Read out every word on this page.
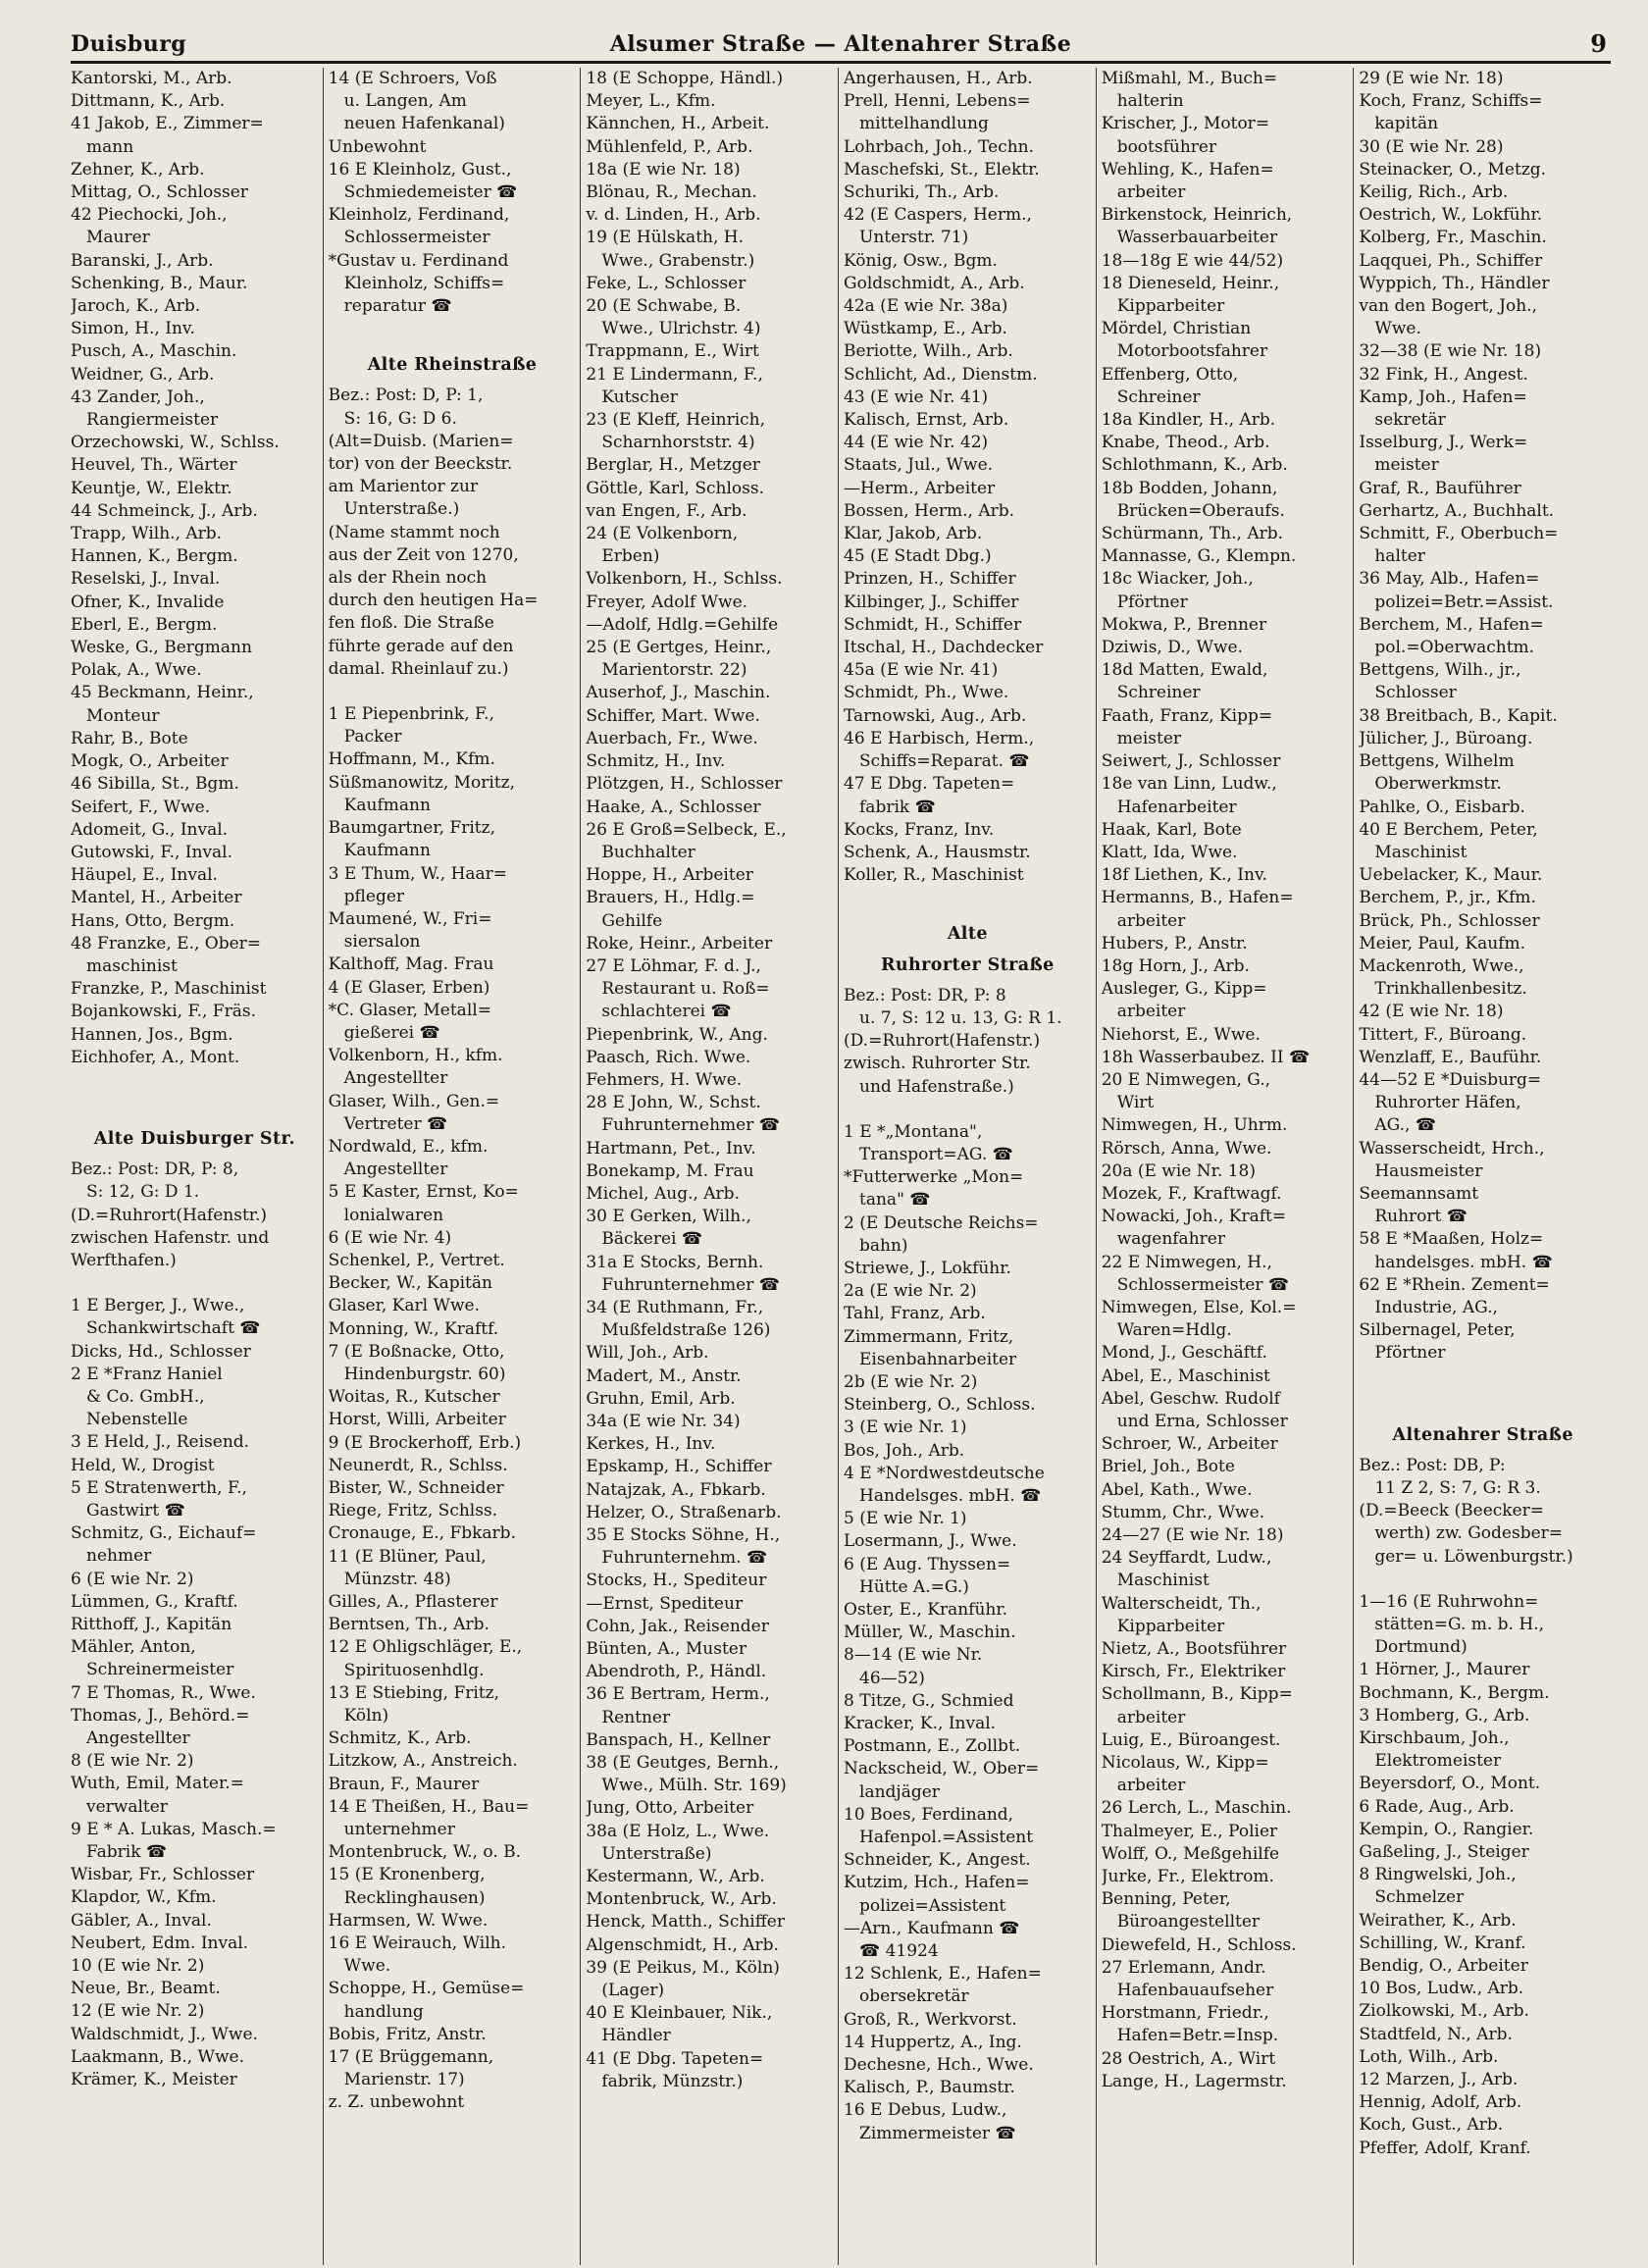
Duisburg	Alsumer Straße — Altenahrer Straße	9
Kantorski, M., Arb.
Dittmann, K., Arb.
41 Jakob, E., Zimmer=
mann
Zehner, K., Arb.
Mittag, O., Schlosser
42 Piechocki, Joh.,
Maurer
Baranski, J., Arb.
Schenking, B., Maur.
Jaroch, K., Arb.
Simon, H., Inv.
Pusch, A., Maschin.
Weidner, G., Arb.
43 Zander, Joh.,
Rangiermeister
Orzechowski, W., Schlss.
Heuvel, Th., Wärter
Keuntje, W., Elektr.
44 Schmeinck, J., Arb.
Trapp, Wilh., Arb.
Hannen, K., Bergm.
Reselski, J., Inval.
Ofner, K., Invalide
Eberl, E., Bergm.
Weske, G., Bergmann
Polak, A., Wwe.
45 Beckmann, Heinr.,
Monteur
Rahr, B., Bote
Mogk, O., Arbeiter
46 Sibilla, St., Bgm.
Seifert, F., Wwe.
Adomeit, G., Inval.
Gutowski, F., Inval.
Häupel, E., Inval.
Mantel, H., Arbeiter
Hans, Otto, Bergm.
48 Franzke, E., Ober=
maschinist
Franzke, P., Maschinist
Bojankowski, F., Fräs.
Hannen, Jos., Bgm.
Eichhofer, A., Mont.
Alte Duisburger Str.
Bez.: Post: DR, P: 8,
S: 12, G: D 1.
(D.=Ruhrort(Hafenstr.)
zwischen Hafenstr. und
Werfthafen.)
1 E Berger, J., Wwe.,
Schankwirtschaft ☎
Dicks, Hd., Schlosser
2 E *Franz Haniel
& Co. GmbH.,
Nebenstelle
3 E Held, J., Reisend.
Held, W., Drogist
5 E Stratenwerth, F.,
Gastwirt ☎
Schmitz, G., Eichauf=
nehmer
6 (E wie Nr. 2)
Lümmen, G., Kraftf.
Ritthoff, J., Kapitän
Mähler, Anton,
Schreinermeister
7 E Thomas, R., Wwe.
Thomas, J., Behörd.=
Angestellter
8 (E wie Nr. 2)
Wuth, Emil, Mater.=
verwalter
9 E * A. Lukas, Masch.=
Fabrik ☎
Wisbar, Fr., Schlosser
Klapdor, W., Kfm.
Gäbler, A., Inval.
Neubert, Edm. Inval.
10 (E wie Nr. 2)
Neue, Br., Beamt.
12 (E wie Nr. 2)
Waldschmidt, J., Wwe.
Laakmann, B., Wwe.
Krämer, K., Meister
14 (E Schroers, Voß
u. Langen, Am
neuen Hafenkanal)
Unbewohnt
16 E Kleinholz, Gust.,
Schmiedemeister ☎
Kleinholz, Ferdinand,
Schlossermeister
*Gustav u. Ferdinand
Kleinholz, Schiffs=
reparatur ☎
Alte Rheinstraße
Bez.: Post: D, P: 1,
S: 16, G: D 6.
(Alt=Duisb. (Marien=
tor) von der Beeckstr.
am Marientor zur
Unterstraße.)
(Name stammt noch
aus der Zeit von 1270,
als der Rhein noch
durch den heutigen Ha=
fen floß. Die Straße
führte gerade auf den
damal. Rheinlauf zu.)
1 E Piepenbrink, F.,
Packer
Hoffmann, M., Kfm.
Süßmanowitz, Moritz,
Kaufmann
Baumgartner, Fritz,
Kaufmann
3 E Thum, W., Haar=
pfleger
Maumené, W., Fri=
siersalon
Kalthoff, Mag. Frau
4 (E Glaser, Erben)
*C. Glaser, Metall=
gießerei ☎
Volkenborn, H., kfm.
Angestellter
Glaser, Wilh., Gen.=
Vertreter ☎
Nordwald, E., kfm.
Angestellter
5 E Kaster, Ernst, Ko=
lonialwaren
6 (E wie Nr. 4)
Schenkel, P., Vertret.
Becker, W., Kapitän
Glaser, Karl Wwe.
Monning, W., Kraftf.
7 (E Boßnacke, Otto,
Hindenburgstr. 60)
Woitas, R., Kutscher
Horst, Willi, Arbeiter
9 (E Brockerhoff, Erb.)
Neunerdt, R., Schlss.
Bister, W., Schneider
Riege, Fritz, Schlss.
Cronauge, E., Fbkarb.
11 (E Blüner, Paul,
Münzstr. 48)
Gilles, A., Pflasterer
Berntsen, Th., Arb.
12 E Ohligschläger, E.,
Spirituosenhdlg.
13 E Stiebing, Fritz,
Köln)
Schmitz, K., Arb.
Litzkow, A., Anstreich.
Braun, F., Maurer
14 E Theißen, H., Bau=
unternehmer
Montenbruck, W., o. B.
15 (E Kronenberg,
Recklinghausen)
Harmsen, W. Wwe.
16 E Weirauch, Wilh.
Wwe.
Schoppe, H., Gemüse=
handlung
Bobis, Fritz, Anstr.
17 (E Brüggemann,
Marienstr. 17)
z. Z. unbewohnt
18 (E Schoppe, Händl.)
Meyer, L., Kfm.
Kännchen, H., Arbeit.
Mühlenfeld, P., Arb.
18a (E wie Nr. 18)
Blönau, R., Mechan.
v. d. Linden, H., Arb.
19 (E Hülskath, H.
Wwe., Grabenstr.)
Feke, L., Schlosser
20 (E Schwabe, B.
Wwe., Ulrichstr. 4)
Trappmann, E., Wirt
21 E Lindermann, F.,
Kutscher
23 (E Kleff, Heinrich,
Scharnhorststr. 4)
Berglar, H., Metzger
Göttle, Karl, Schloss.
van Engen, F., Arb.
24 (E Volkenborn,
Erben)
Volkenborn, H., Schlss.
Freyer, Adolf Wwe.
—Adolf, Hdlg.=Gehilfe
25 (E Gertges, Heinr.,
Marientorstr. 22)
Auserhof, J., Maschin.
Schiffer, Mart. Wwe.
Auerbach, Fr., Wwe.
Schmitz, H., Inv.
Plötzgen, H., Schlosser
Haake, A., Schlosser
26 E Groß=Selbeck, E.,
Buchhalter
Hoppe, H., Arbeiter
Brauers, H., Hdlg.=
Gehilfe
Roke, Heinr., Arbeiter
27 E Löhmar, F. d. J.,
Restaurant u. Roß=
schlachterei ☎
Piepenbrink, W., Ang.
Paasch, Rich. Wwe.
Fehmers, H. Wwe.
28 E John, W., Schst.
Fuhrunternehmer ☎
Hartmann, Pet., Inv.
Bonekamp, M. Frau
Michel, Aug., Arb.
30 E Gerken, Wilh.,
Bäckerei ☎
31a E Stocks, Bernh.
Fuhrunternehmer ☎
34 (E Ruthmann, Fr.,
Mußfeldstraße 126)
Will, Joh., Arb.
Madert, M., Anstr.
Gruhn, Emil, Arb.
34a (E wie Nr. 34)
Kerkes, H., Inv.
Epskamp, H., Schiffer
Natajzak, A., Fbkarb.
Helzer, O., Straßenarb.
35 E Stocks Söhne, H.,
Fuhrunternehm. ☎
Stocks, H., Spediteur
—Ernst, Spediteur
Cohn, Jak., Reisender
Bünten, A., Muster
Abendroth, P., Händl.
36 E Bertram, Herm.,
Rentner
Banspach, H., Kellner
38 (E Geutges, Bernh.,
Wwe., Mülh. Str. 169)
Jung, Otto, Arbeiter
38a (E Holz, L., Wwe.
Unterstraße)
Kestermann, W., Arb.
Montenbruck, W., Arb.
Henck, Matth., Schiffer
Algenschmidt, H., Arb.
39 (E Peikus, M., Köln)
(Lager)
40 E Kleinbauer, Nik.,
Händler
41 (E Dbg. Tapeten=
fabrik, Münzstr.)
Angerhausen, H., Arb.
Prell, Henni, Lebens=
mittelhandlung
Lohrbach, Joh., Techn.
Maschefski, St., Elektr.
Schuriki, Th., Arb.
42 (E Caspers, Herm.,
Unterstr. 71)
König, Osw., Bgm.
Goldschmidt, A., Arb.
42a (E wie Nr. 38a)
Wüstkamp, E., Arb.
Beriotte, Wilh., Arb.
Schlicht, Ad., Dienstm.
43 (E wie Nr. 41)
Kalisch, Ernst, Arb.
44 (E wie Nr. 42)
Staats, Jul., Wwe.
—Herm., Arbeiter
Bossen, Herm., Arb.
Klar, Jakob, Arb.
45 (E Stadt Dbg.)
Prinzen, H., Schiffer
Kilbinger, J., Schiffer
Schmidt, H., Schiffer
Itschal, H., Dachdecker
45a (E wie Nr. 41)
Schmidt, Ph., Wwe.
Tarnowski, Aug., Arb.
46 E Harbisch, Herm.,
Schiffs=Reparat. ☎
47 E Dbg. Tapeten=
fabrik ☎
Kocks, Franz, Inv.
Schenk, A., Hausmstr.
Koller, R., Maschinist
Alte
Ruhrorter Straße
Bez.: Post: DR, P: 8
u. 7, S: 12 u. 13, G: R 1.
(D.=Ruhrort(Hafenstr.)
zwisch. Ruhrorter Str.
und Hafenstraße.)
1 E *„Montana",
Transport=AG. ☎
*Futterwerke „Mon=
tana" ☎
2 (E Deutsche Reichs=
bahn)
Striewe, J., Lokführ.
2a (E wie Nr. 2)
Tahl, Franz, Arb.
Zimmermann, Fritz,
Eisenbahnarbeiter
2b (E wie Nr. 2)
Steinberg, O., Schloss.
3 (E wie Nr. 1)
Bos, Joh., Arb.
4 E *Nordwestdeutsche
Handelsges. mbH. ☎
5 (E wie Nr. 1)
Losermann, J., Wwe.
6 (E Aug. Thyssen=
Hütte A.=G.)
Oster, E., Kranführ.
Müller, W., Maschin.
8—14 (E wie Nr.
46—52)
8 Titze, G., Schmied
Kracker, K., Inval.
Postmann, E., Zollbt.
Nackscheid, W., Ober=
landjäger
10 Boes, Ferdinand,
Hafenpol.=Assistent
Schneider, K., Angest.
Kutzim, Hch., Hafen=
polizei=Assistent
—Arn., Kaufmann ☎
☎ 41924
12 Schlenk, E., Hafen=
obersekretär
Groß, R., Werkvorst.
14 Huppertz, A., Ing.
Dechesne, Hch., Wwe.
Kalisch, P., Baumstr.
16 E Debus, Ludw.,
Zimmermeister ☎
Mißmahl, M., Buch=
halterin
Krischer, J., Motor=
bootsführer
Wehling, K., Hafen=
arbeiter
Birkenstock, Heinrich,
Wasserbauarbeiter
18—18g E wie 44/52)
18 Dieneseld, Heinr.,
Kipparbeiter
Mördel, Christian
Motorbootsfahrer
Effenberg, Otto,
Schreiner
18a Kindler, H., Arb.
Knabe, Theod., Arb.
Schlothmann, K., Arb.
18b Bodden, Johann,
Brücken=Oberaufs.
Schürmann, Th., Arb.
Mannasse, G., Klempn.
18c Wiacker, Joh.,
Pförtner
Mokwa, P., Brenner
Dziwis, D., Wwe.
18d Matten, Ewald,
Schreiner
Faath, Franz, Kipp=
meister
Seiwert, J., Schlosser
18e van Linn, Ludw.,
Hafenarbeiter
Haak, Karl, Bote
Klatt, Ida, Wwe.
18f Liethen, K., Inv.
Hermanns, B., Hafen=
arbeiter
Hubers, P., Anstr.
18g Horn, J., Arb.
Ausleger, G., Kipp=
arbeiter
Niehorst, E., Wwe.
18h Wasserbaubez. II ☎
20 E Nimwegen, G.,
Wirt
Nimwegen, H., Uhrm.
Rörsch, Anna, Wwe.
20a (E wie Nr. 18)
Mozek, F., Kraftwagf.
Nowacki, Joh., Kraft=
wagenfahrer
22 E Nimwegen, H.,
Schlossermeister ☎
Nimwegen, Else, Kol.=
Waren=Hdlg.
Mond, J., Geschäftf.
Abel, E., Maschinist
Abel, Geschw. Rudolf
und Erna, Schlosser
Schroer, W., Arbeiter
Briel, Joh., Bote
Abel, Kath., Wwe.
Stumm, Chr., Wwe.
24—27 (E wie Nr. 18)
24 Seyffardt, Ludw.,
Maschinist
Walterscheidt, Th.,
Kipparbeiter
Nietz, A., Bootsführer
Kirsch, Fr., Elektriker
Schollmann, B., Kipp=
arbeiter
Luig, E., Büroangest.
Nicolaus, W., Kipp=
arbeiter
26 Lerch, L., Maschin.
Thalmeyer, E., Polier
Wolff, O., Meßgehilfe
Jurke, Fr., Elektrom.
Benning, Peter,
Büroangestellter
Diewefeld, H., Schloss.
27 Erlemann, Andr.
Hafenbauaufseher
Horstmann, Friedr.,
Hafen=Betr.=Insp.
28 Oestrich, A., Wirt
Lange, H., Lagermstr.
29 (E wie Nr. 18)
Koch, Franz, Schiffs=
kapitän
30 (E wie Nr. 28)
Steinacker, O., Metzg.
Keilig, Rich., Arb.
Oestrich, W., Lokführ.
Kolberg, Fr., Maschin.
Laqquei, Ph., Schiffer
Wyppich, Th., Händler
van den Bogert, Joh.,
Wwe.
32—38 (E wie Nr. 18)
32 Fink, H., Angest.
Kamp, Joh., Hafen=
sekretär
Isselburg, J., Werk=
meister
Graf, R., Bauführer
Gerhartz, A., Buchhalt.
Schmitt, F., Oberbuch=
halter
36 May, Alb., Hafen=
polizei=Betr.=Assist.
Berchem, M., Hafen=
pol.=Oberwachtm.
Bettgens, Wilh., jr.,
Schlosser
38 Breitbach, B., Kapit.
Jülicher, J., Büroang.
Bettgens, Wilhelm
Oberwerkmstr.
Pahlke, O., Eisbarb.
40 E Berchem, Peter,
Maschinist
Uebelacker, K., Maur.
Berchem, P., jr., Kfm.
Brück, Ph., Schlosser
Meier, Paul, Kaufm.
Mackenroth, Wwe.,
Trinkhallenbesitz.
42 (E wie Nr. 18)
Tittert, F., Büroang.
Wenzlaff, E., Bauführ.
44—52 E *Duisburg=
Ruhrorter Häfen,
AG., ☎
Wasserscheidt, Hrch.,
Hausmeister
Seemannsamt
Ruhrort ☎
58 E *Maaßen, Holz=
handelsges. mbH. ☎
62 E *Rhein. Zement=
Industrie, AG.,
Silbernagel, Peter,
Pförtner
Altenahrer Straße
Bez.: Post: DB, P:
11 Z 2, S: 7, G: R 3.
(D.=Beeck (Beecker=
werth) zw. Godesber=
ger= u. Löwenburgstr.)
1—16 (E Ruhrwohn=
stätten=G. m. b. H.,
Dortmund)
1 Hörner, J., Maurer
Bochmann, K., Bergm.
3 Homberg, G., Arb.
Kirschbaum, Joh.,
Elektromeister
Beyersdorf, O., Mont.
6 Rade, Aug., Arb.
Kempin, O., Rangier.
Gaßeling, J., Steiger
8 Ringwelski, Joh.,
Schmelzer
Weirather, K., Arb.
Schilling, W., Kranf.
Bendig, O., Arbeiter
10 Bos, Ludw., Arb.
Ziolkowski, M., Arb.
Stadtfeld, N., Arb.
Loth, Wilh., Arb.
12 Marzen, J., Arb.
Hennig, Adolf, Arb.
Koch, Gust., Arb.
Pfeffer, Adolf, Kranf.
